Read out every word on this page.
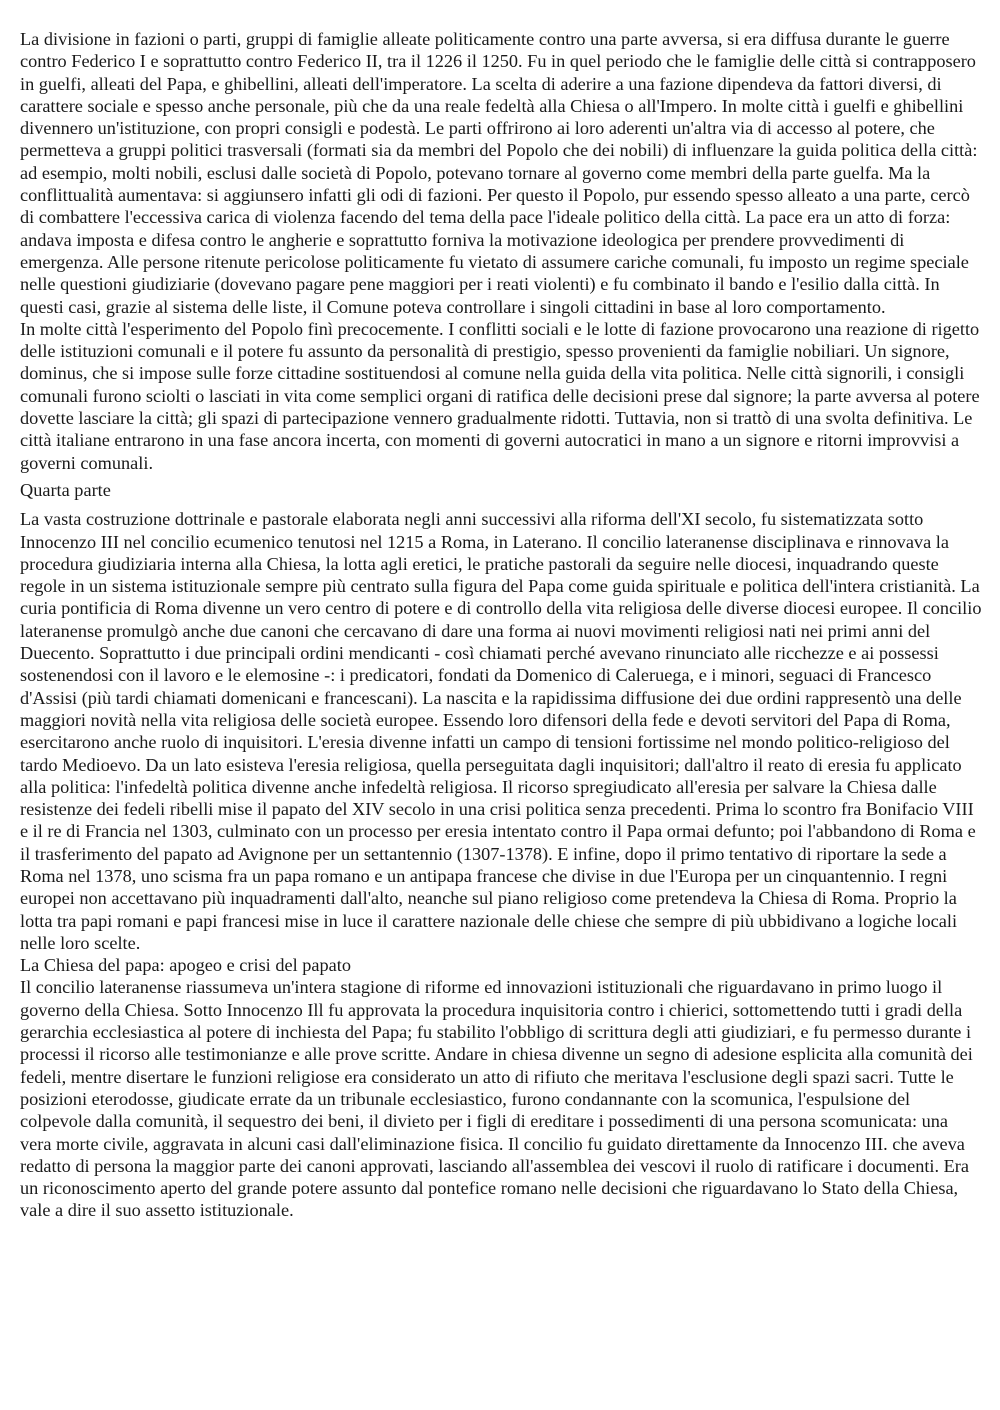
La divisione in fazioni o parti, gruppi di famiglie alleate politicamente contro una parte avversa, si era diffusa durante le guerre contro Federico I e soprattutto contro Federico II, tra il 1226 il 1250. Fu in quel periodo che le famiglie delle città si contrapposero in guelfi, alleati del Papa, e ghibellini, alleati dell'imperatore. La scelta di aderire a una fazione dipendeva da fattori diversi, di carattere sociale e spesso anche personale, più che da una reale fedeltà alla Chiesa o all'Impero. In molte città i guelfi e ghibellini divennero un'istituzione, con propri consigli e podestà. Le parti offrirono ai loro aderenti un'altra via di accesso al potere, che permetteva a gruppi politici trasversali (formati sia da membri del Popolo che dei nobili) di influenzare la guida politica della città: ad esempio, molti nobili, esclusi dalle società di Popolo, potevano tornare al governo come membri della parte guelfa. Ma la conflittualità aumentava: si aggiunsero infatti gli odi di fazioni. Per questo il Popolo, pur essendo spesso alleato a una parte, cercò di combattere l'eccessiva carica di violenza facendo del tema della pace l'ideale politico della città. La pace era un atto di forza: andava imposta e difesa contro le angherie e soprattutto forniva la motivazione ideologica per prendere provvedimenti di emergenza. Alle persone ritenute pericolose politicamente fu vietato di assumere cariche comunali, fu imposto un regime speciale nelle questioni giudiziarie (dovevano pagare pene maggiori per i reati violenti) e fu combinato il bando e l'esilio dalla città. In questi casi, grazie al sistema delle liste, il Comune poteva controllare i singoli cittadini in base al loro comportamento.

In molte città l'esperimento del Popolo finì precocemente. I conflitti sociali e le lotte di fazione provocarono una reazione di rigetto delle istituzioni comunali e il potere fu assunto da personalità di prestigio, spesso provenienti da famiglie nobiliari. Un signore, dominus, che si impose sulle forze cittadine sostituendosi al comune nella guida della vita politica. Nelle città signorili, i consigli comunali furono sciolti o lasciati in vita come semplici organi di ratifica delle decisioni prese dal signore; la parte avversa al potere dovette lasciare la città; gli spazi di partecipazione vennero gradualmente ridotti. Tuttavia, non si trattò di una svolta definitiva. Le città italiane entrarono in una fase ancora incerta, con momenti di governi autocratici in mano a un signore e ritorni improvvisi a governi comunali.

Quarta parte

La vasta costruzione dottrinale e pastorale elaborata negli anni successivi alla riforma dell'XI secolo, fu sistematizzata sotto Innocenzo III nel concilio ecumenico tenutosi nel 1215 a Roma, in Laterano. Il concilio lateranense disciplinava e rinnovava la procedura giudiziaria interna alla Chiesa, la lotta agli eretici, le pratiche pastorali da seguire nelle diocesi, inquadrando queste regole in un sistema istituzionale sempre più centrato sulla figura del Papa come guida spirituale e politica dell'intera cristianità. La curia pontificia di Roma divenne un vero centro di potere e di controllo della vita religiosa delle diverse diocesi europee. Il concilio lateranense promulgò anche due canoni che cercavano di dare una forma ai nuovi movimenti religiosi nati nei primi anni del Duecento. Soprattutto i due principali ordini mendicanti - così chiamati perché avevano rinunciato alle ricchezze e ai possessi sostenendosi con il lavoro e le elemosine -: i predicatori, fondati da Domenico di Caleruega, e i minori, seguaci di Francesco d'Assisi (più tardi chiamati domenicani e francescani). La nascita e la rapidissima diffusione dei due ordini rappresentò una delle maggiori novità nella vita religiosa delle società europee. Essendo loro difensori della fede e devoti servitori del Papa di Roma, esercitarono anche ruolo di inquisitori. L'eresia divenne infatti un campo di tensioni fortissime nel mondo politico-religioso del tardo Medioevo. Da un lato esisteva l'eresia religiosa, quella perseguitata dagli inquisitori; dall'altro il reato di eresia fu applicato alla politica: l'infedeltà politica divenne anche infedeltà religiosa. Il ricorso spregiudicato all'eresia per salvare la Chiesa dalle resistenze dei fedeli ribelli mise il papato del XIV secolo in una crisi politica senza precedenti. Prima lo scontro fra Bonifacio VIII e il re di Francia nel 1303, culminato con un processo per eresia intentato contro il Papa ormai defunto; poi l'abbandono di Roma e il trasferimento del papato ad Avignone per un settantennio (1307-1378). E infine, dopo il primo tentativo di riportare la sede a Roma nel 1378, uno scisma fra un papa romano e un antipapa francese che divise in due l'Europa per un cinquantennio. I regni europei non accettavano più inquadramenti dall'alto, neanche sul piano religioso come pretendeva la Chiesa di Roma. Proprio la lotta tra papi romani e papi francesi mise in luce il carattere nazionale delle chiese che sempre di più ubbidivano a logiche locali nelle loro scelte.

La Chiesa del papa: apogeo e crisi del papato

Il concilio lateranense riassumeva un'intera stagione di riforme ed innovazioni istituzionali che riguardavano in primo luogo il governo della Chiesa. Sotto Innocenzo Ill fu approvata la procedura inquisitoria contro i chierici, sottomettendo tutti i gradi della gerarchia ecclesiastica al potere di inchiesta del Papa; fu stabilito l'obbligo di scrittura degli atti giudiziari, e fu permesso durante i processi il ricorso alle testimonianze e alle prove scritte. Andare in chiesa divenne un segno di adesione esplicita alla comunità dei fedeli, mentre disertare le funzioni religiose era considerato un atto di rifiuto che meritava l'esclusione degli spazi sacri. Tutte le posizioni eterodosse, giudicate errate da un tribunale ecclesiastico, furono condannante con la scomunica, l'espulsione del colpevole dalla comunità, il sequestro dei beni, il divieto per i figli di ereditare i possedimenti di una persona scomunicata: una vera morte civile, aggravata in alcuni casi dall'eliminazione fisica. Il concilio fu guidato direttamente da Innocenzo III. che aveva redatto di persona la maggior parte dei canoni approvati, lasciando all'assemblea dei vescovi il ruolo di ratificare i documenti. Era un riconoscimento aperto del grande potere assunto dal pontefice romano nelle decisioni che riguardavano lo Stato della Chiesa, vale a dire il suo assetto istituzionale.
